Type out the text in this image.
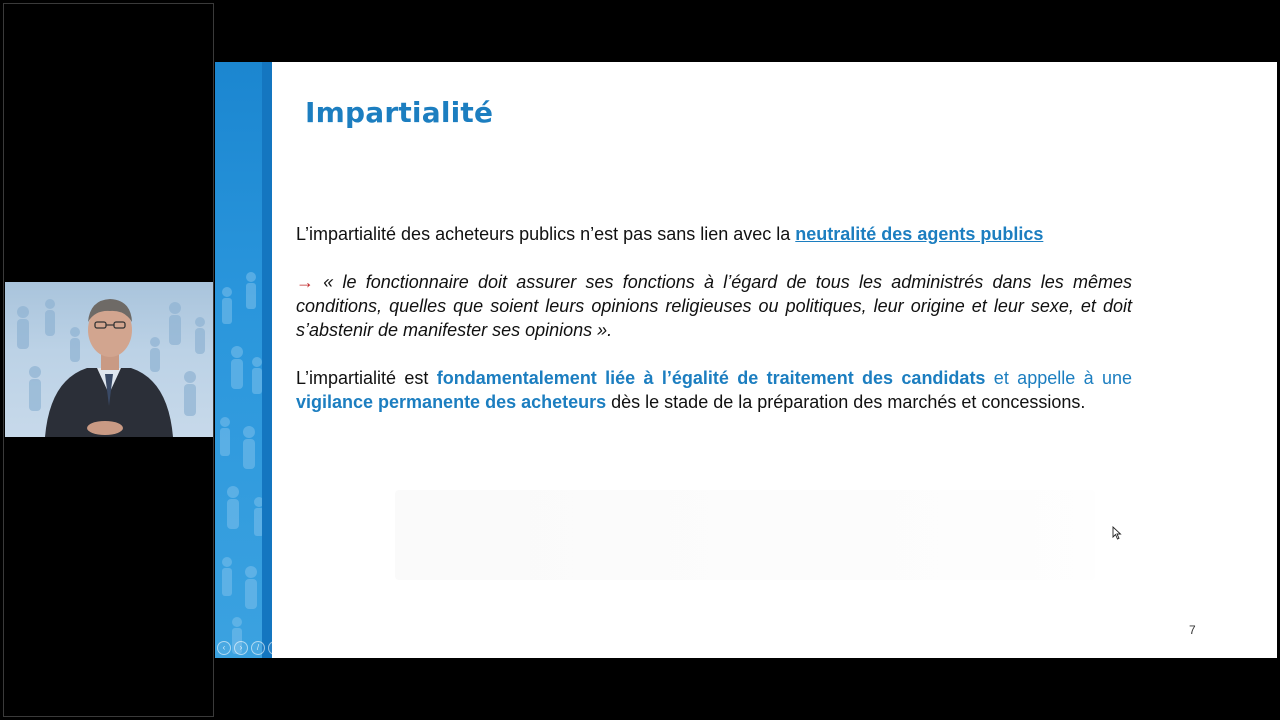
Impartialité

L’impartialité des acheteurs publics n’est pas sans lien avec la neutralité des agents publics

→ « le fonctionnaire doit assurer ses fonctions à l’égard de tous les administrés dans les mêmes conditions, quelles que soient leurs opinions religieuses ou politiques, leur origine et leur sexe, et doit s’abstenir de manifester ses opinions ».

L’impartialité est fondamentalement liée à l’égalité de traitement des candidats et appelle à une vigilance permanente des acheteurs dès le stade de la préparation des marchés et concessions.

7
‹	›	/	▫	○	▭	▪	…
